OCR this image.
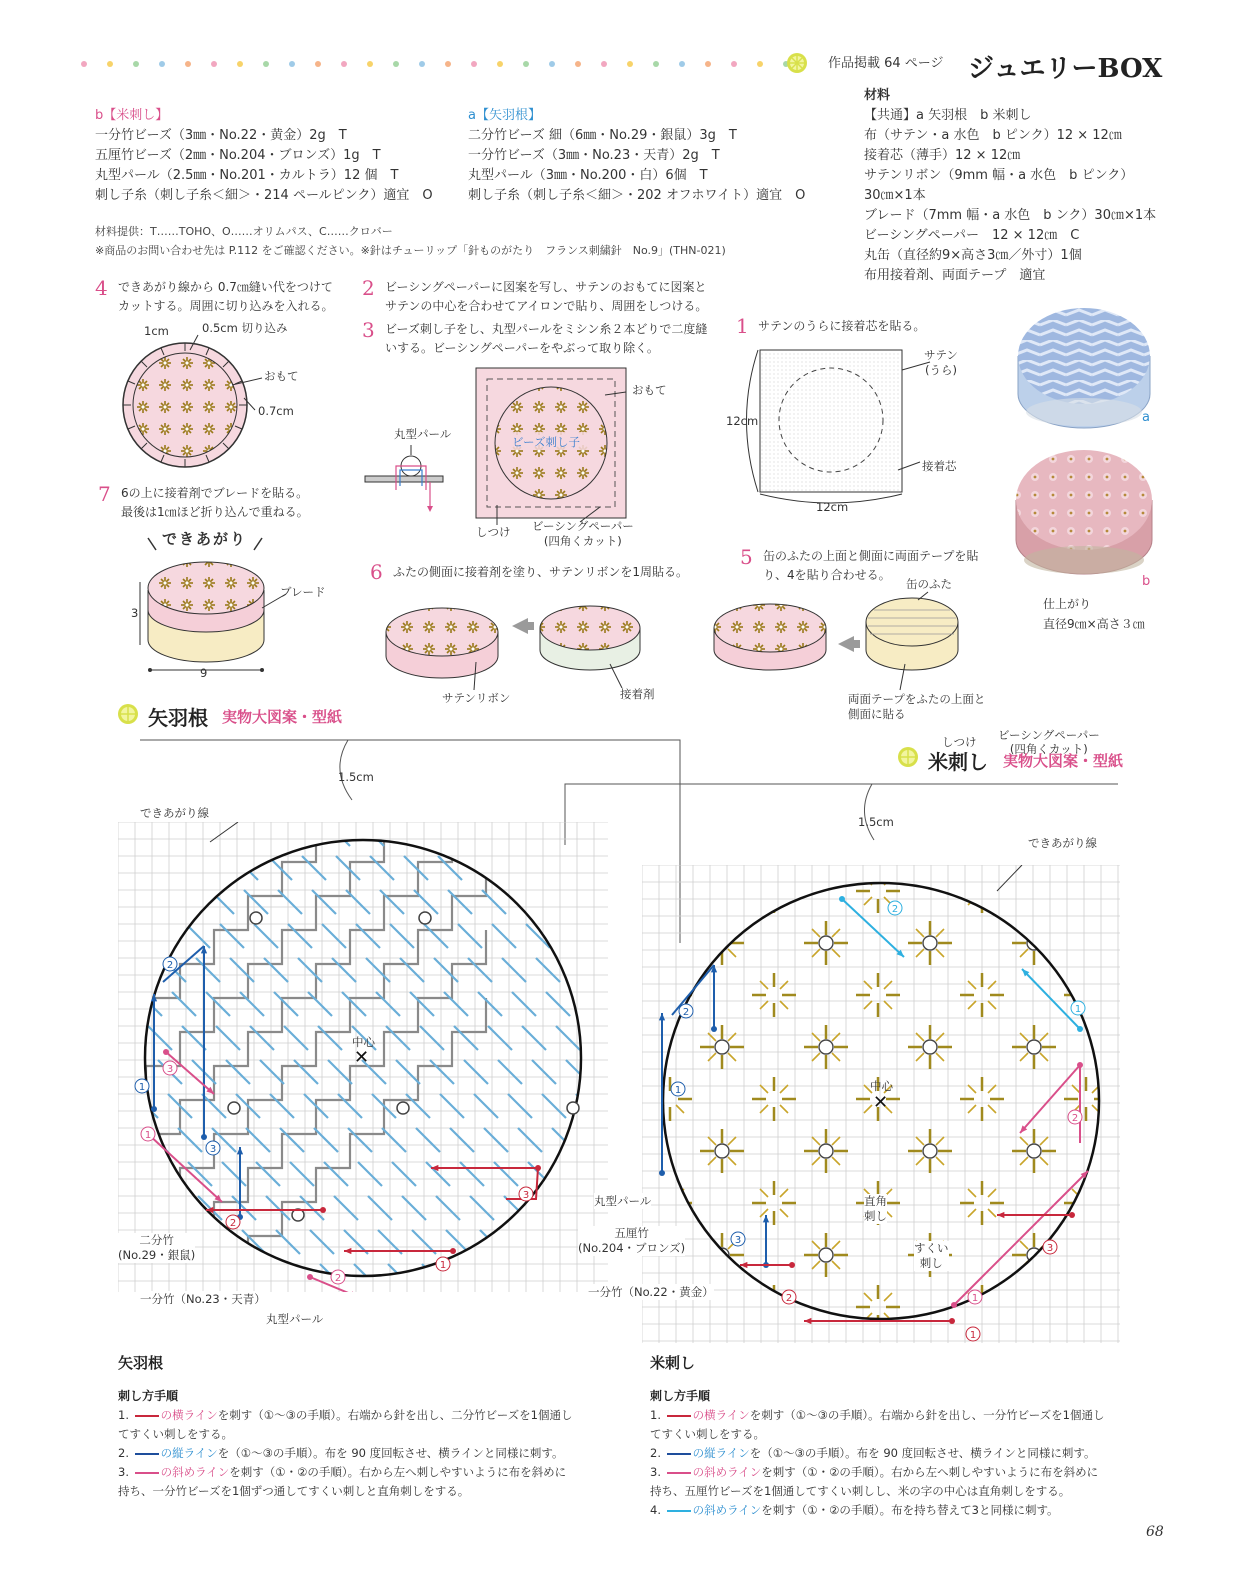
作品掲載 64 ページ ジュエリーBOX
b【米刺し】
一分竹ビーズ（3㎜・No.22・黄金）2g　T
五厘竹ビーズ（2㎜・No.204・ブロンズ）1g　T
丸型パール（2.5㎜・No.201・カルトラ）12 個　T
刺し子糸（刺し子糸＜細＞・214 ペールピンク）適宜　O
a【矢羽根】
二分竹ビーズ 細（6㎜・No.29・銀鼠）3g　T
一分竹ビーズ（3㎜・No.23・天青）2g　T
丸型パール（3㎜・No.200・白）6個　T
刺し子糸（刺し子糸＜細＞・202 オフホワイト）適宜　O
材料
【共通】a 矢羽根　b 米刺し
布（サテン・a 水色　b ピンク）12 × 12㎝
接着芯（薄手）12 × 12㎝
サテンリボン（9mm 幅・a 水色　b ピンク）
30㎝×1本
ブレード（7mm 幅・a 水色　b ンク）30㎝×1本
ビーシングペーパー　12 × 12㎝　C
丸缶（直径約9×高さ3㎝／外寸）1個
布用接着剤、両面テープ　適宜
材料提供：T……TOHO、O……オリムパス、C……クロバー
※商品のお問い合わせ先は P.112 をご確認ください。※針はチューリップ「針ものがたり　フランス刺繍針　No.9」(THN-021)
4 できあがり線から 0.7㎝縫い代をつけて
カットする。周囲に切り込みを入れる。
2 ビーシングペーパーに図案を写し、サテンのおもてに図案と
サテンの中心を合わせてアイロンで貼り、周囲をしつける。
3 ビーズ刺し子をし、丸型パールをミシン糸２本どりで二度縫
いする。ビーシングペーパーをやぶって取り除く。
1 サテンのうらに接着芯を貼る。
7 6の上に接着剤でブレードを貼る。
最後は1㎝ほど折り込んで重ねる。
6 ふたの側面に接着剤を塗り、サテンリボンを1周貼る。
5 缶のふたの上面と側面に両面テープを貼
り、4を貼り合わせる。
1cm	0.5cm 切り込み
おもて
0.7cm
丸型パール
おもて
ビーズ刺し子
しつけ ビーシングペーパー
(四角くカット)
サテン
(うら)
12cm
12cm
接着芯
できあがり
ブレード
3
9
サテンリボン	接着剤
缶のふた
両面テープをふたの上面と
側面に貼る
a
b
仕上がり
直径9㎝×高さ３㎝
しつけ ビーシングペーパー
(四角くカット)
矢羽根 実物大図案・型紙
米刺し 実物大図案・型紙
✕
2
1
3
3
1
2
3
2
1
1.5cm
できあがり線
中心
二分竹
(No.29・銀鼠)
一分竹（No.23・天青）
丸型パール
✕
2
1
3
2
1
2
1
2
3
1
1.5cm
できあがり線
中心
丸型パール
五厘竹
(No.204・ブロンズ)
一分竹（No.22・黄金）
直角
刺し
すくい
刺し
矢羽根
刺し方手順

1.	の横ラインを刺す（①〜③の手順）。右端から針を出し、二分竹ビーズを1個通し
てすくい刺しをする。

2.	の縦ラインを（①〜③の手順）。布を 90 度回転させ、横ラインと同様に刺す。

3.	の斜めラインを刺す（①・②の手順）。右から左へ刺しやすいように布を斜めに
持ち、一分竹ビーズを1個ずつ通してすくい刺しと直角刺しをする。

米刺し
刺し方手順

1.	の横ラインを刺す（①〜③の手順）。右端から針を出し、一分竹ビーズを1個通し
てすくい刺しをする。

2.	の縦ラインを（①〜③の手順）。布を 90 度回転させ、横ラインと同様に刺す。

3.	の斜めラインを刺す（①・②の手順）。右から左へ刺しやすいように布を斜めに
持ち、五厘竹ビーズを1個通してすくい刺しし、米の字の中心は直角刺しをする。

4.	の斜めラインを刺す（①・②の手順）。布を持ち替えて3と同様に刺す。

68
